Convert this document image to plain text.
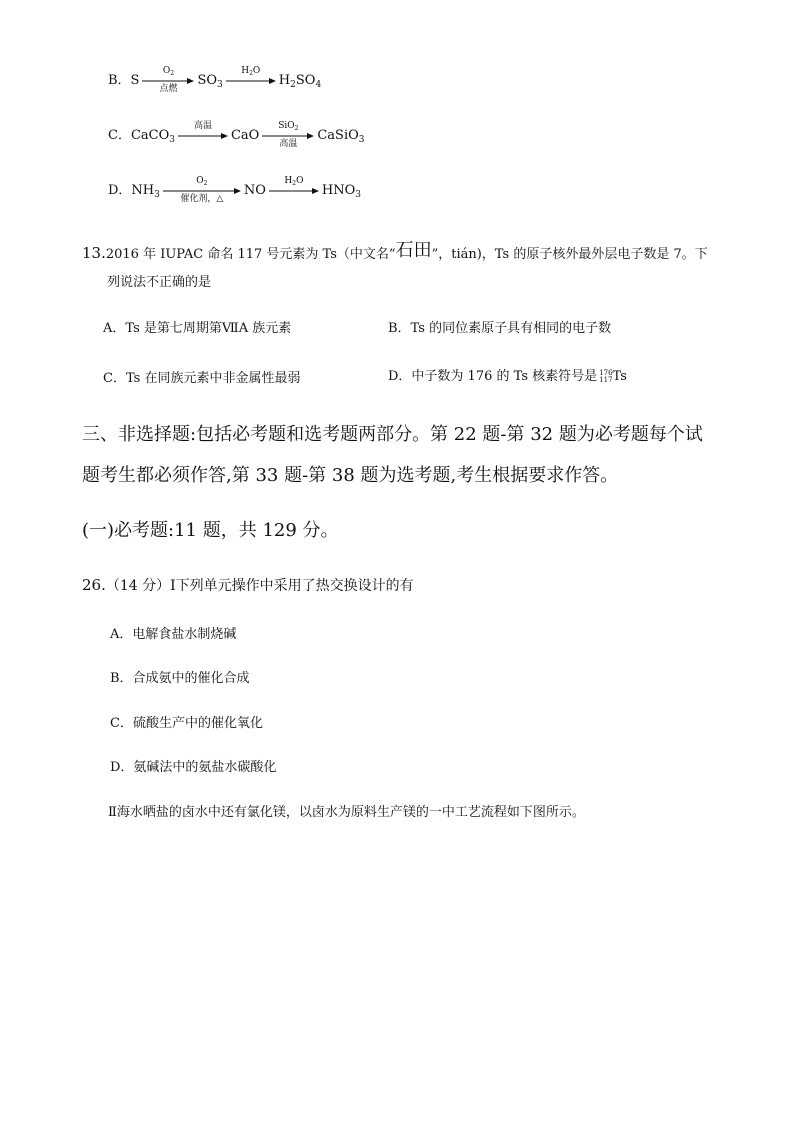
B．S
$O_2$
点燃
$SO_3$
$H_2O$
$H_2SO_4$
C．CaCO$_3$
高温
CaO
SiO$_2$
高温
CaSiO$_3$
D．$NH_3$
$O_2$
催化剂，△
NO
$H_2O$
$HNO_3$
13.2016 年 IUPAC 命名 117 号元素为 Ts（中文名“石田”，tián)，Ts 的原子核外最外层电子数是 7。下
列说法不正确的是
A．Ts 是第七周期第ⅦA 族元素	B．Ts 的同位素原子具有相同的电子数
C．Ts 在同族元素中非金属性最弱	D．中子数为 176 的 Ts 核素符号是 176
117 Ts
三、非选择题:包括必考题和选考题两部分。第 22 题-第 32 题为必考题每个试
题考生都必须作答,第 33 题-第 38 题为选考题,考生根据要求作答。
(一)必考题:11 题，共 129 分。
26.（14 分）Ⅰ下列单元操作中采用了热交换设计的有
A．电解食盐水制烧碱
B．合成氨中的催化合成
C．硫酸生产中的催化氧化
D．氨碱法中的氨盐水碳酸化
Ⅱ海水晒盐的卤水中还有氯化镁，以卤水为原料生产镁的一中工艺流程如下图所示。
